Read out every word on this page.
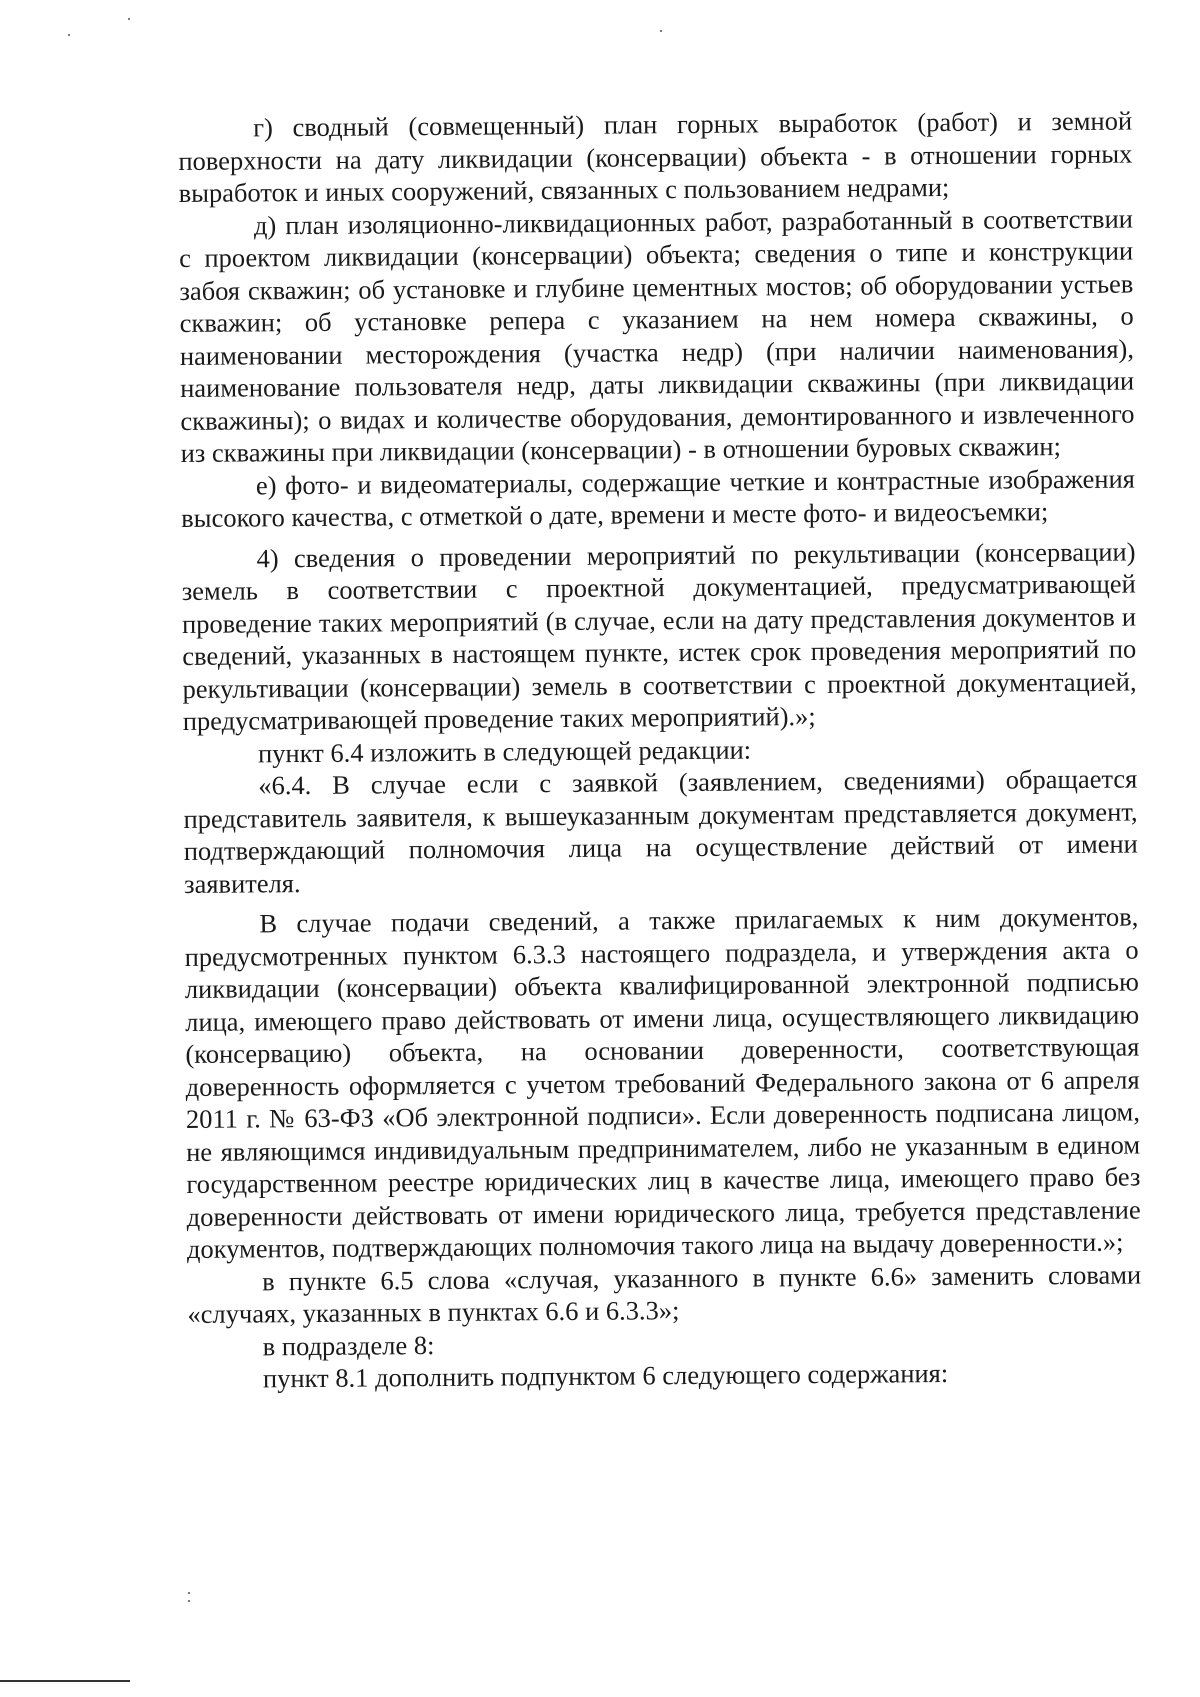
г) сводный (совмещенный) план горных выработок (работ) и земной поверхности на дату ликвидации (консервации) объекта - в отношении горных выработок и иных сооружений, связанных с пользованием недрами;

д) план изоляционно-ликвидационных работ, разработанный в соответствии с проектом ликвидации (консервации) объекта; сведения о типе и конструкции забоя скважин; об установке и глубине цементных мостов; об оборудовании устьев скважин; об установке репера с указанием на нем номера скважины, о наименовании месторождения (участка недр) (при наличии наименования), наименование пользователя недр, даты ликвидации скважины (при ликвидации скважины); о видах и количестве оборудования, демонтированного и извлеченного из скважины при ликвидации (консервации) - в отношении буровых скважин;

е) фото- и видеоматериалы, содержащие четкие и контрастные изображения высокого качества, с отметкой о дате, времени и месте фото- и видеосъемки;

4) сведения о проведении мероприятий по рекультивации (консервации) земель в соответствии с проектной документацией, предусматривающей проведение таких мероприятий (в случае, если на дату представления документов и сведений, указанных в настоящем пункте, истек срок проведения мероприятий по рекультивации (консервации) земель в соответствии с проектной документацией, предусматривающей проведение таких мероприятий).»;

пункт 6.4 изложить в следующей редакции:

«6.4. В случае если с заявкой (заявлением, сведениями) обращается представитель заявителя, к вышеуказанным документам представляется документ, подтверждающий полномочия лица на осуществление действий от имени заявителя.

В случае подачи сведений, а также прилагаемых к ним документов, предусмотренных пунктом 6.3.3 настоящего подраздела, и утверждения акта о ликвидации (консервации) объекта квалифицированной электронной подписью лица, имеющего право действовать от имени лица, осуществляющего ликвидацию (консервацию) объекта, на основании доверенности, соответствующая доверенность оформляется с учетом требований Федерального закона от 6 апреля 2011 г. № 63-ФЗ «Об электронной подписи». Если доверенность подписана лицом, не являющимся индивидуальным предпринимателем, либо не указанным в едином государственном реестре юридических лиц в качестве лица, имеющего право без доверенности действовать от имени юридического лица, требуется представление документов, подтверждающих полномочия такого лица на выдачу доверенности.»;

в пункте 6.5 слова «случая, указанного в пункте 6.6» заменить словами «случаях, указанных в пунктах 6.6 и 6.3.3»;

в подразделе 8:

пункт 8.1 дополнить подпунктом 6 следующего содержания:
